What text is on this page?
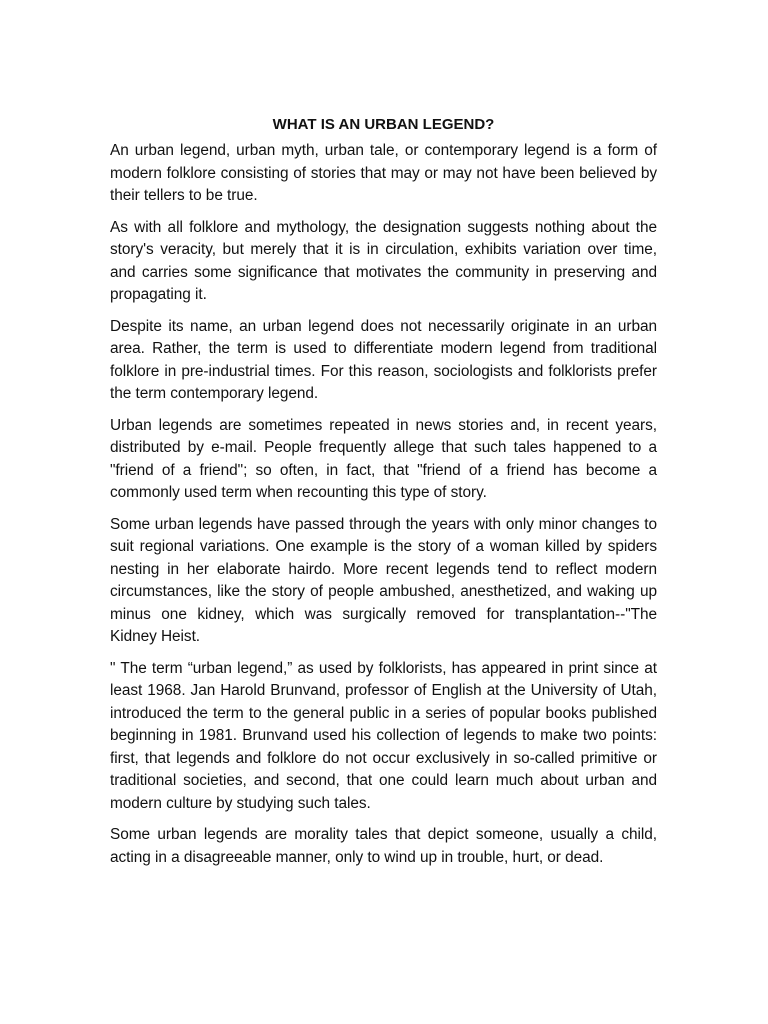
WHAT IS AN URBAN LEGEND?

An urban legend, urban myth, urban tale, or contemporary legend is a form of modern folklore consisting of stories that may or may not have been believed by their tellers to be true.

As with all folklore and mythology, the designation suggests nothing about the story's veracity, but merely that it is in circulation, exhibits variation over time, and carries some significance that motivates the community in preserving and propagating it.

Despite its name, an urban legend does not necessarily originate in an urban area. Rather, the term is used to differentiate modern legend from traditional folklore in pre-industrial times. For this reason, sociologists and folklorists prefer the term contemporary legend.

Urban legends are sometimes repeated in news stories and, in recent years, distributed by e-mail. People frequently allege that such tales happened to a "friend of a friend"; so often, in fact, that "friend of a friend has become a commonly used term when recounting this type of story.

Some urban legends have passed through the years with only minor changes to suit regional variations. One example is the story of a woman killed by spiders nesting in her elaborate hairdo. More recent legends tend to reflect modern circumstances, like the story of people ambushed, anesthetized, and waking up minus one kidney, which was surgically removed for transplantation--"The Kidney Heist.

" The term “urban legend,” as used by folklorists, has appeared in print since at least 1968. Jan Harold Brunvand, professor of English at the University of Utah, introduced the term to the general public in a series of popular books published beginning in 1981. Brunvand used his collection of legends to make two points: first, that legends and folklore do not occur exclusively in so-called primitive or traditional societies, and second, that one could learn much about urban and modern culture by studying such tales.

Some urban legends are morality tales that depict someone, usually a child, acting in a disagreeable manner, only to wind up in trouble, hurt, or dead.
